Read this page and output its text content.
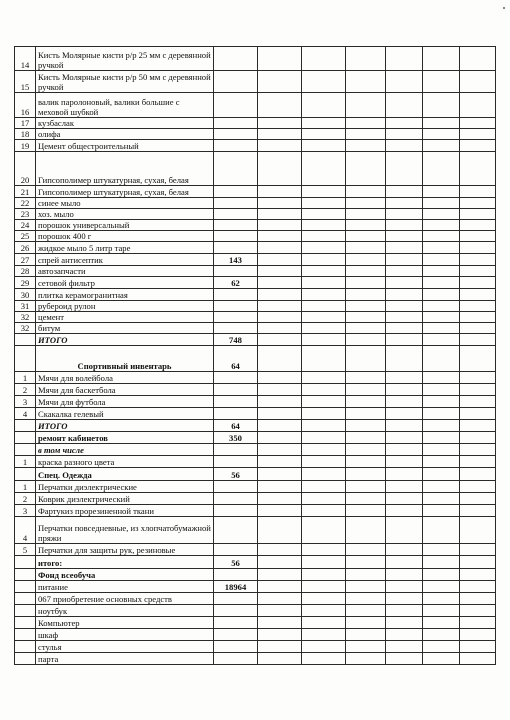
14	Кисть Молярные кисти р/р 25 мм с деревянной ручкой							
15	Кисть Молярные кисти р/р 50 мм с деревянной ручкой							
16	валик паролоновый, валики большие с меховой шубкой							
17	кузбаслак							
18	олифа							
19	Цемент общестроительный							
20	Гипсополимер штукатурная, сухая, белая							
21	Гипсополимер штукатурная, сухая, белая							
22	синее мыло							
23	хоз. мыло							
24	порошок универсальный							
25	порошок 400 г							
26	жидкое мыло 5 литр таре							
27	спрей антисептик	143						
28	автозапчасти							
29	сетовой фильтр	62						
30	плитка керамогранитная							
31	рубероид рулон							
32	цемент							
32	битум							
	ИТОГО	748						
	Спортивный инвентарь	64						
1	Мячи для волейбола							
2	Мячи для баскетбола							
3	Мячи для футбола							
4	Скакалка гелевый							
	ИТОГО	64						
	ремонт кабинетов	350						
	в том числе							
1	краска разного цвета							
	Спец. Одежда	56						
1	Перчатки диэлектрические							
2	Коврик диэлектрический							
3	Фартукиз прорезиненной ткани							
4	Перчатки повседневные, из хлопчатобумажной пряжи							
5	Перчатки для защиты рук, резиновые							
	итого:	56						
	Фонд всеобуча							
	питание	18964						
	067 приобретение основных средств							
	ноутбук							
	Компьютер							
	шкаф							
	стулья							
	парта							
